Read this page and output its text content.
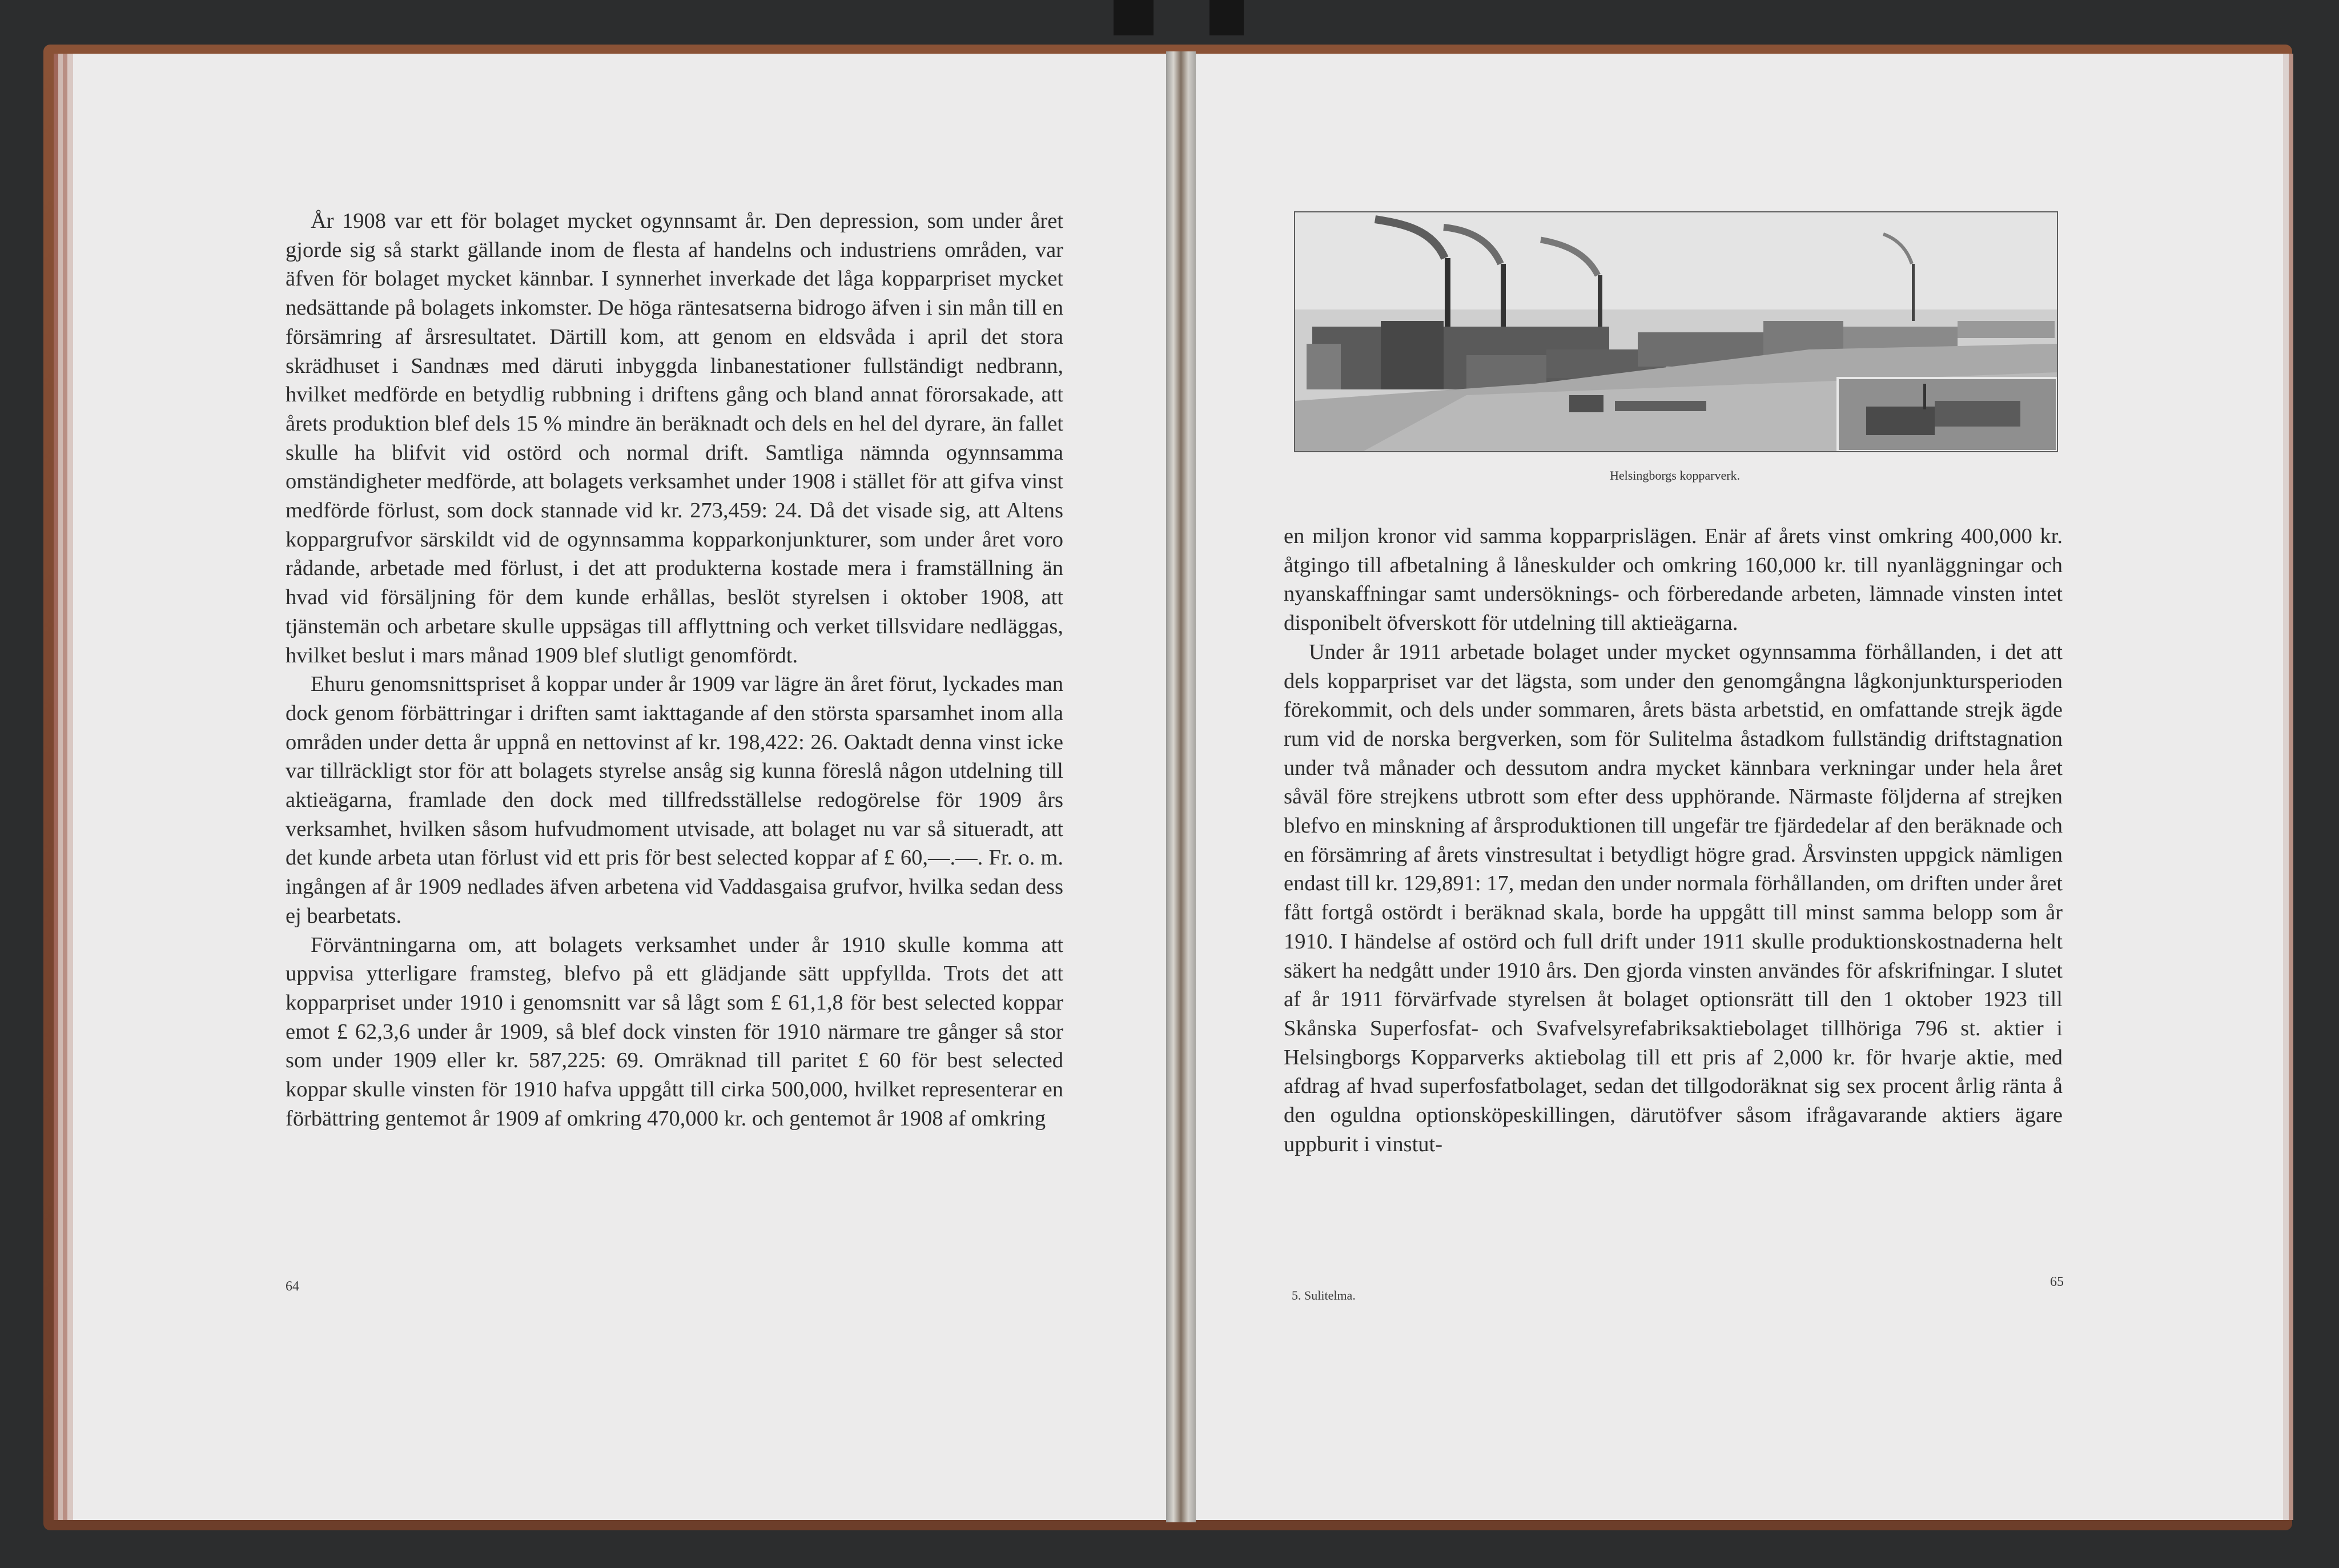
År 1908 var ett för bolaget mycket ogynnsamt år. Den depression, som under året gjorde sig så starkt gällande inom de flesta af handelns och industriens områden, var äfven för bolaget mycket kännbar. I synnerhet inverkade det låga kopparpriset mycket nedsättande på bolagets inkomster. De höga räntesatserna bidrogo äfven i sin mån till en försämring af årsresultatet. Därtill kom, att genom en eldsvåda i april det stora skrädhuset i Sandnæs med däruti inbyggda linbanestationer fullständigt nedbrann, hvilket medförde en betydlig rubbning i driftens gång och bland annat förorsakade, att årets produktion blef dels 15 % mindre än beräknadt och dels en hel del dyrare, än fallet skulle ha blifvit vid ostörd och normal drift. Samtliga nämnda ogynnsamma omständigheter medförde, att bolagets verksamhet under 1908 i stället för att gifva vinst medförde förlust, som dock stannade vid kr. 273,459: 24. Då det visade sig, att Altens koppargrufvor särskildt vid de ogynnsamma kopparkonjunkturer, som under året voro rådande, arbetade med förlust, i det att produkterna kostade mera i framställning än hvad vid försäljning för dem kunde erhållas, beslöt styrelsen i oktober 1908, att tjänstemän och arbetare skulle uppsägas till afflyttning och verket tillsvidare nedläggas, hvilket beslut i mars månad 1909 blef slutligt genomfördt.

Ehuru genomsnittspriset å koppar under år 1909 var lägre än året förut, lyckades man dock genom förbättringar i driften samt iakttagande af den största sparsamhet inom alla områden under detta år uppnå en nettovinst af kr. 198,422: 26. Oaktadt denna vinst icke var tillräckligt stor för att bolagets styrelse ansåg sig kunna föreslå någon utdelning till aktieägarna, framlade den dock med tillfredsställelse redogörelse för 1909 års verksamhet, hvilken såsom hufvudmoment utvisade, att bolaget nu var så situeradt, att det kunde arbeta utan förlust vid ett pris för best selected koppar af £ 60,—.—. Fr. o. m. ingången af år 1909 nedlades äfven arbetena vid Vaddasgaisa grufvor, hvilka sedan dess ej bearbetats.

Förväntningarna om, att bolagets verksamhet under år 1910 skulle komma att uppvisa ytterligare framsteg, blefvo på ett glädjande sätt uppfyllda. Trots det att kopparpriset under 1910 i genomsnitt var så lågt som £ 61,1,8 för best selected koppar emot £ 62,3,6 under år 1909, så blef dock vinsten för 1910 närmare tre gånger så stor som under 1909 eller kr. 587,225: 69. Omräknad till paritet £ 60 för best selected koppar skulle vinsten för 1910 hafva uppgått till cirka 500,000, hvilket representerar en förbättring gentemot år 1909 af omkring 470,000 kr. och gentemot år 1908 af omkring

64
Helsingborgs kopparverk.

en miljon kronor vid samma kopparprislägen. Enär af årets vinst omkring 400,000 kr. åtgingo till afbetalning å låneskulder och omkring 160,000 kr. till nyanläggningar och nyanskaffningar samt undersöknings- och förberedande arbeten, lämnade vinsten intet disponibelt öfverskott för utdelning till aktieägarna.

Under år 1911 arbetade bolaget under mycket ogynnsamma förhållanden, i det att dels kopparpriset var det lägsta, som under den genomgångna lågkonjunktursperioden förekommit, och dels under sommaren, årets bästa arbetstid, en omfattande strejk ägde rum vid de norska bergverken, som för Sulitelma åstadkom fullständig driftstagnation under två månader och dessutom andra mycket kännbara verkningar under hela året såväl före strejkens utbrott som efter dess upphörande. Närmaste följderna af strejken blefvo en minskning af årsproduktionen till ungefär tre fjärdedelar af den beräknade och en försämring af årets vinstresultat i betydligt högre grad. Årsvinsten uppgick nämligen endast till kr. 129,891: 17, medan den under normala förhållanden, om driften under året fått fortgå ostördt i beräknad skala, borde ha uppgått till minst samma belopp som år 1910. I händelse af ostörd och full drift under 1911 skulle produktionskostnaderna helt säkert ha nedgått under 1910 års. Den gjorda vinsten användes för afskrifningar. I slutet af år 1911 förvärfvade styrelsen åt bolaget optionsrätt till den 1 oktober 1923 till Skånska Superfosfat- och Svafvelsyrefabriksaktiebolaget tillhöriga 796 st. aktier i Helsingborgs Kopparverks aktiebolag till ett pris af 2,000 kr. för hvarje aktie, med afdrag af hvad superfosfatbolaget, sedan det tillgodoräknat sig sex procent årlig ränta å den oguldna optionsköpeskillingen, därutöfver såsom ifrågavarande aktiers ägare uppburit i vinstut-

5. Sulitelma.
65
